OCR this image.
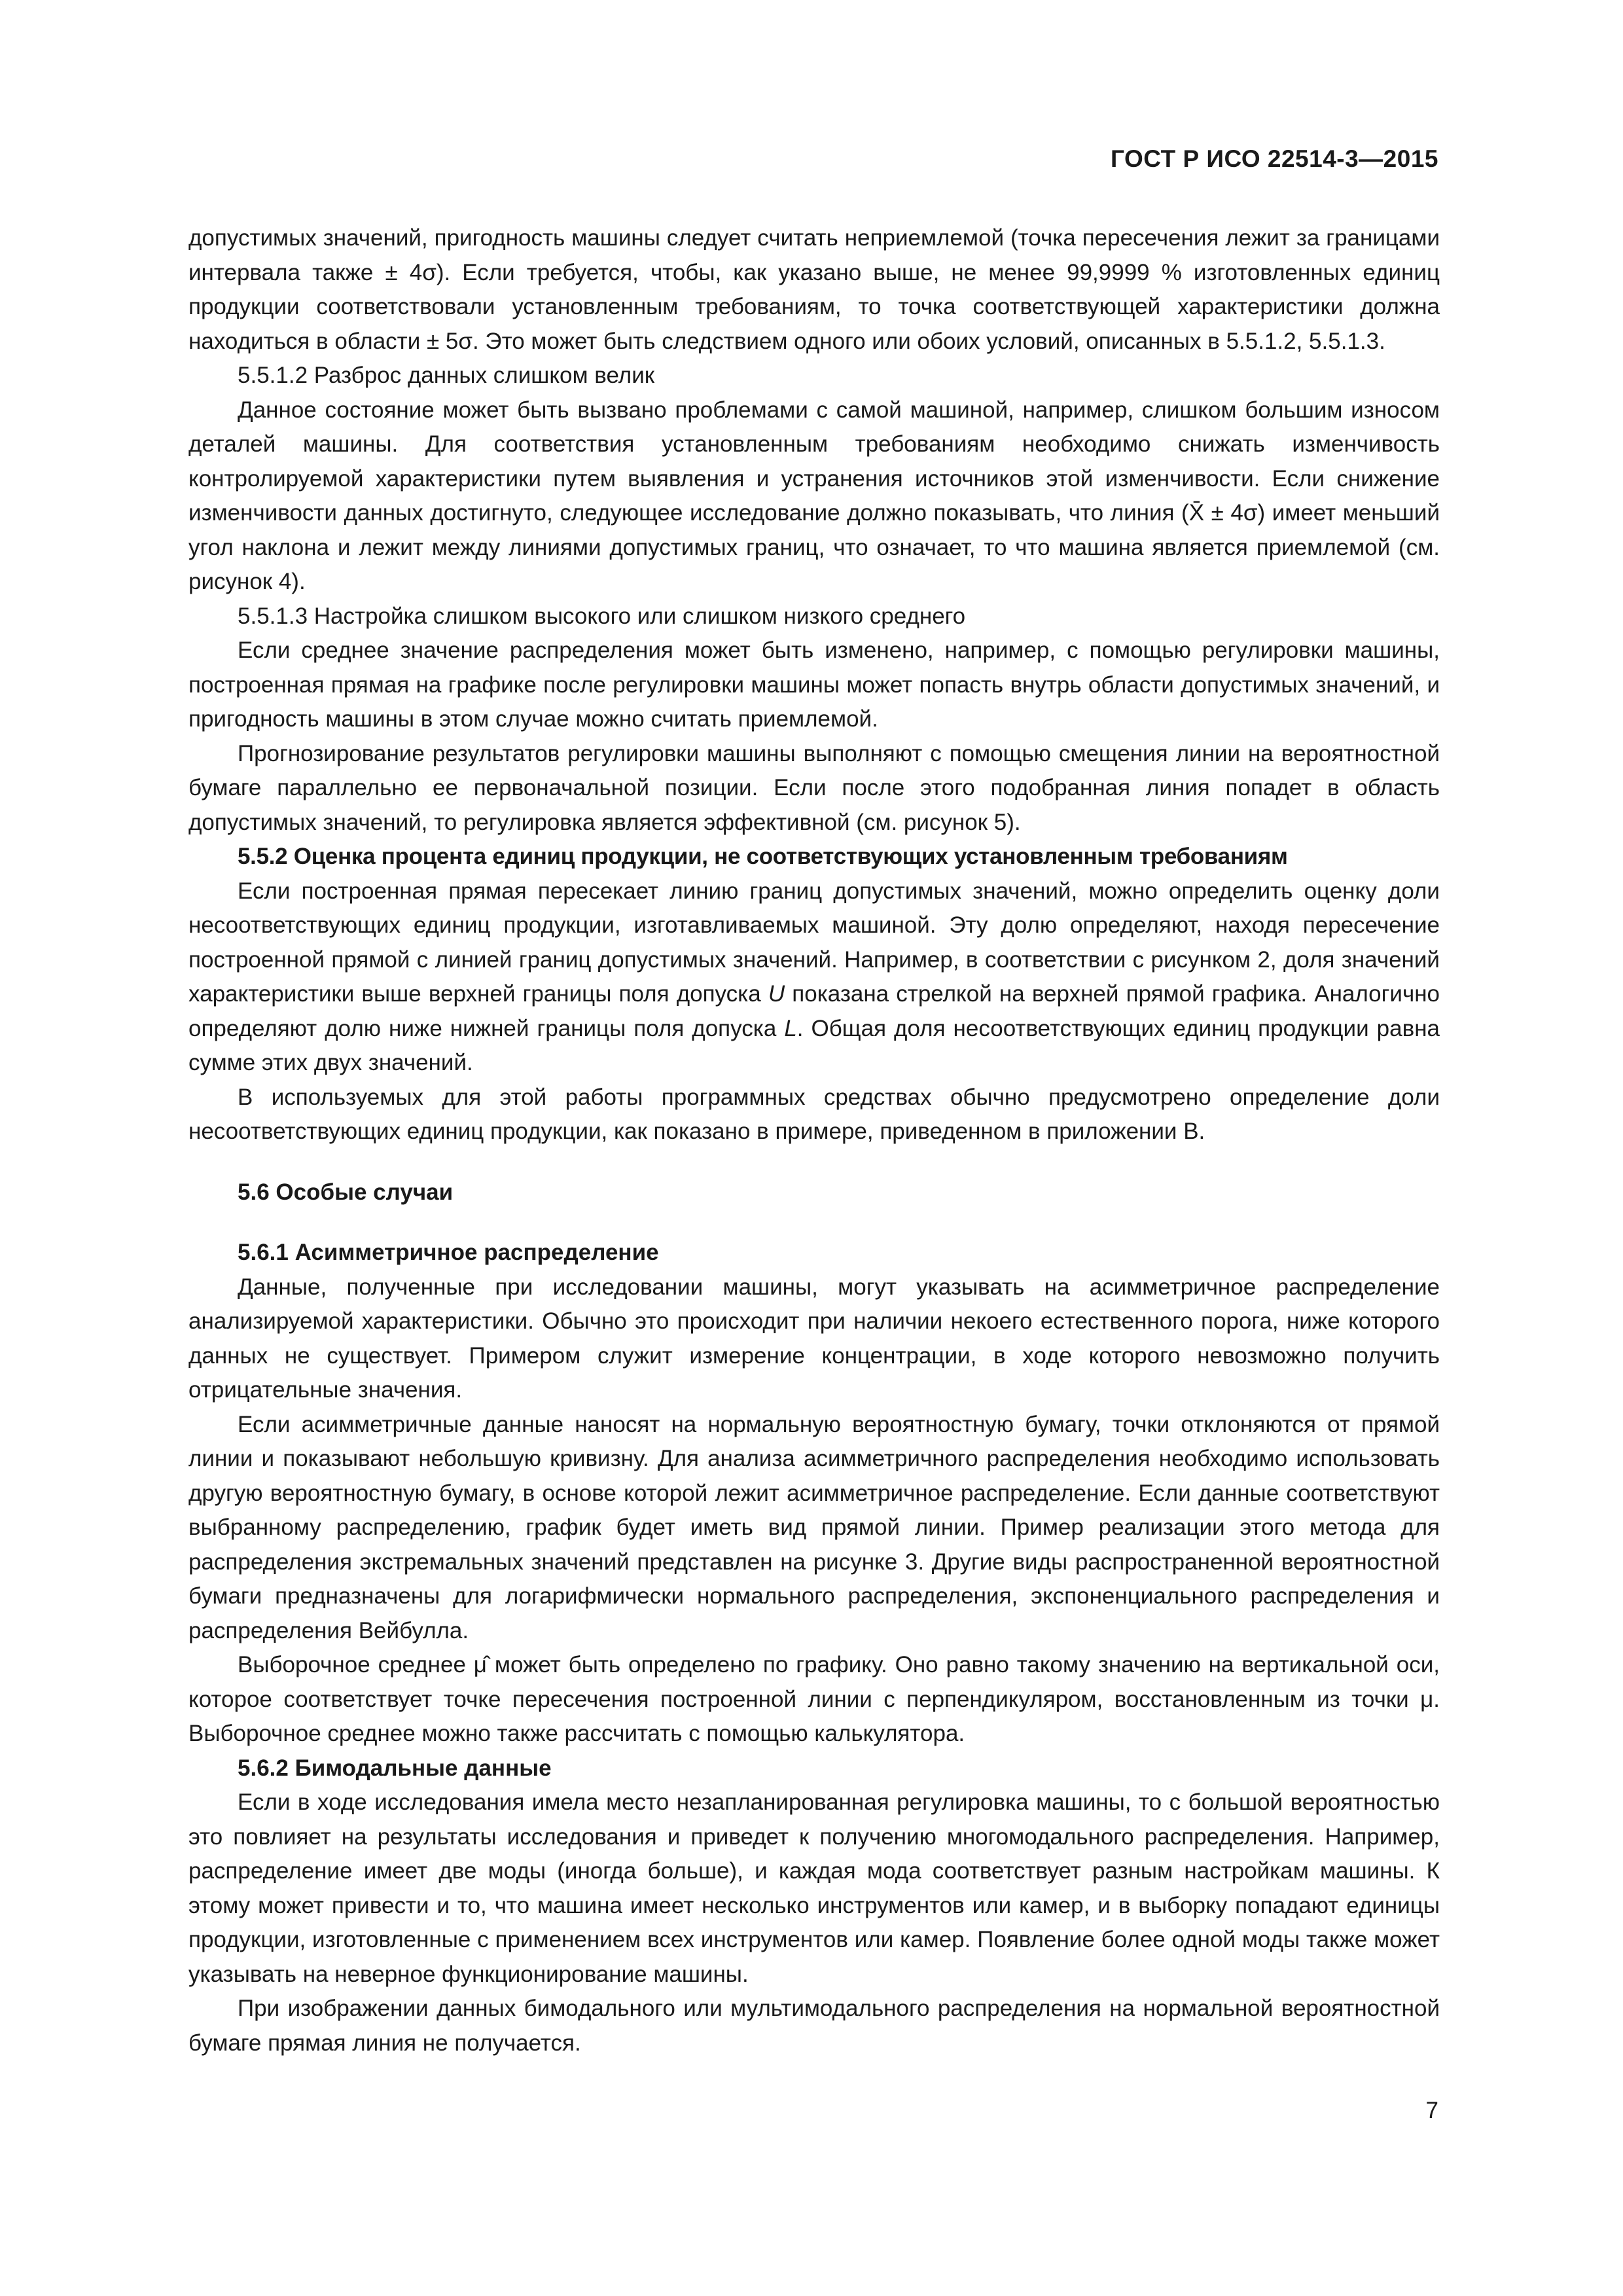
ГОСТ Р ИСО 22514-3—2015

допустимых значений, пригодность машины следует считать неприемлемой (точка пересечения лежит за границами интервала также ± 4σ). Если требуется, чтобы, как указано выше, не менее 99,9999 % изготовленных единиц продукции соответствовали установленным требованиям, то точка соответствующей характеристики должна находиться в области ± 5σ. Это может быть следствием одного или обоих условий, описанных в 5.5.1.2, 5.5.1.3.

5.5.1.2 Разброс данных слишком велик

Данное состояние может быть вызвано проблемами с самой машиной, например, слишком большим износом деталей машины. Для соответствия установленным требованиям необходимо снижать изменчивость контролируемой характеристики путем выявления и устранения источников этой изменчивости. Если снижение изменчивости данных достигнуто, следующее исследование должно показывать, что линия (X̄ ± 4σ) имеет меньший угол наклона и лежит между линиями допустимых границ, что означает, то что машина является приемлемой (см. рисунок 4).

5.5.1.3 Настройка слишком высокого или слишком низкого среднего

Если среднее значение распределения может быть изменено, например, с помощью регулировки машины, построенная прямая на графике после регулировки машины может попасть внутрь области допустимых значений, и пригодность машины в этом случае можно считать приемлемой.

Прогнозирование результатов регулировки машины выполняют с помощью смещения линии на вероятностной бумаге параллельно ее первоначальной позиции. Если после этого подобранная линия попадет в область допустимых значений, то регулировка является эффективной (см. рисунок 5).

5.5.2 Оценка процента единиц продукции, не соответствующих установленным требованиям

Если построенная прямая пересекает линию границ допустимых значений, можно определить оценку доли несоответствующих единиц продукции, изготавливаемых машиной. Эту долю определяют, находя пересечение построенной прямой с линией границ допустимых значений. Например, в соответствии с рисунком 2, доля значений характеристики выше верхней границы поля допуска U показана стрелкой на верхней прямой графика. Аналогично определяют долю ниже нижней границы поля допуска L. Общая доля несоответствующих единиц продукции равна сумме этих двух значений.

В используемых для этой работы программных средствах обычно предусмотрено определение доли несоответствующих единиц продукции, как показано в примере, приведенном в приложении В.

5.6 Особые случаи

5.6.1 Асимметричное распределение

Данные, полученные при исследовании машины, могут указывать на асимметричное распределение анализируемой характеристики. Обычно это происходит при наличии некоего естественного порога, ниже которого данных не существует. Примером служит измерение концентрации, в ходе которого невозможно получить отрицательные значения.

Если асимметричные данные наносят на нормальную вероятностную бумагу, точки отклоняются от прямой линии и показывают небольшую кривизну. Для анализа асимметричного распределения необходимо использовать другую вероятностную бумагу, в основе которой лежит асимметричное распределение. Если данные соответствуют выбранному распределению, график будет иметь вид прямой линии. Пример реализации этого метода для распределения экстремальных значений представлен на рисунке 3. Другие виды распространенной вероятностной бумаги предназначены для логарифмически нормального распределения, экспоненциального распределения и распределения Вейбулла.

Выборочное среднее μ̂ может быть определено по графику. Оно равно такому значению на вертикальной оси, которое соответствует точке пересечения построенной линии с перпендикуляром, восстановленным из точки μ. Выборочное среднее можно также рассчитать с помощью калькулятора.

5.6.2 Бимодальные данные

Если в ходе исследования имела место незапланированная регулировка машины, то с большой вероятностью это повлияет на результаты исследования и приведет к получению многомодального распределения. Например, распределение имеет две моды (иногда больше), и каждая мода соответствует разным настройкам машины. К этому может привести и то, что машина имеет несколько инструментов или камер, и в выборку попадают единицы продукции, изготовленные с применением всех инструментов или камер. Появление более одной моды также может указывать на неверное функционирование машины.

При изображении данных бимодального или мультимодального распределения на нормальной вероятностной бумаге прямая линия не получается.

7
